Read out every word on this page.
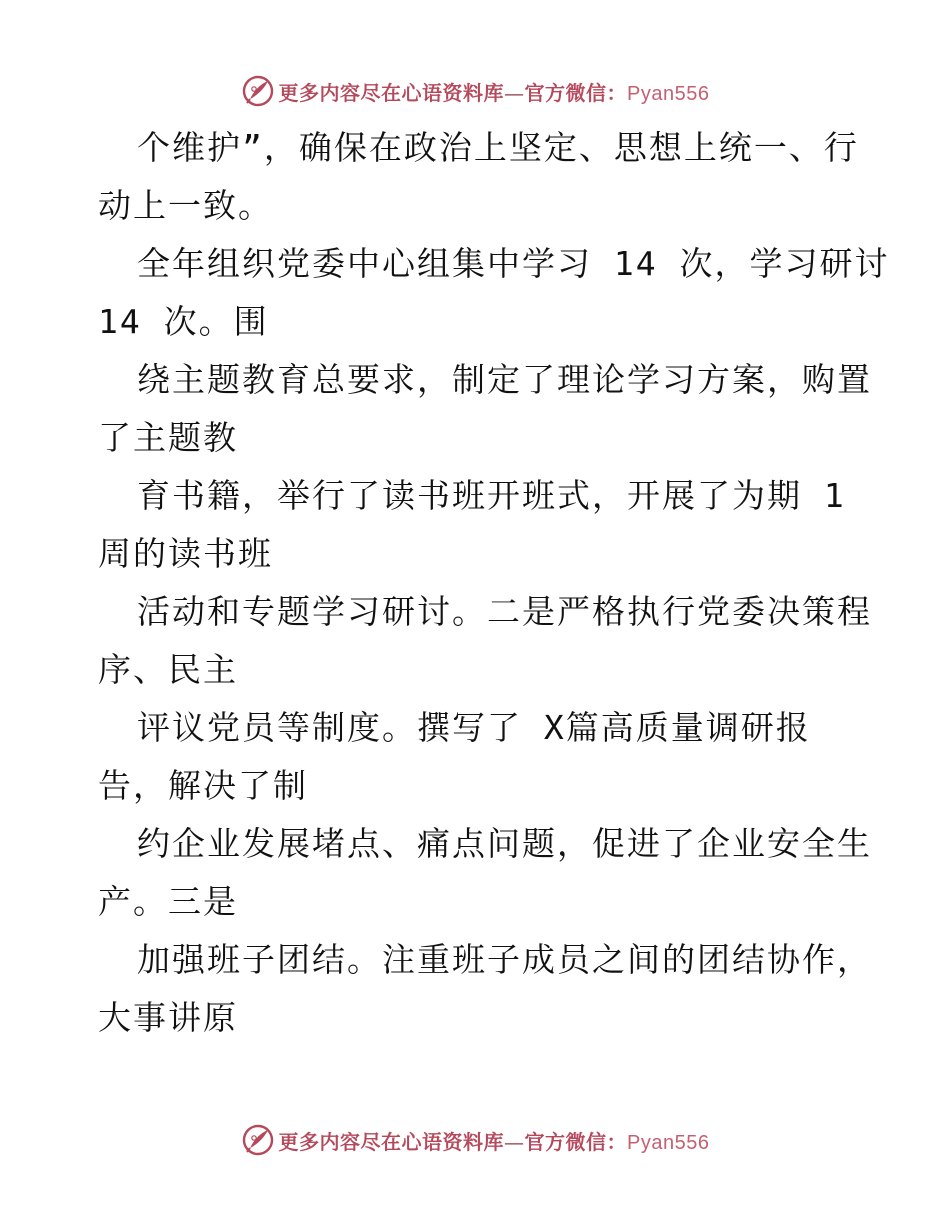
更多内容尽在心语资料库—官方微信：Pyan556
个维护”，确保在政治上坚定、思想上统一、行
动上一致。
全年组织党委中心组集中学习 14 次，学习研讨
14 次。围
绕主题教育总要求，制定了理论学习方案，购置
了主题教
育书籍，举行了读书班开班式，开展了为期 1
周的读书班
活动和专题学习研讨。二是严格执行党委决策程
序、民主
评议党员等制度。撰写了 X篇高质量调研报
告，解决了制
约企业发展堵点、痛点问题，促进了企业安全生
产。三是
加强班子团结。注重班子成员之间的团结协作，
大事讲原
更多内容尽在心语资料库—官方微信：Pyan556
